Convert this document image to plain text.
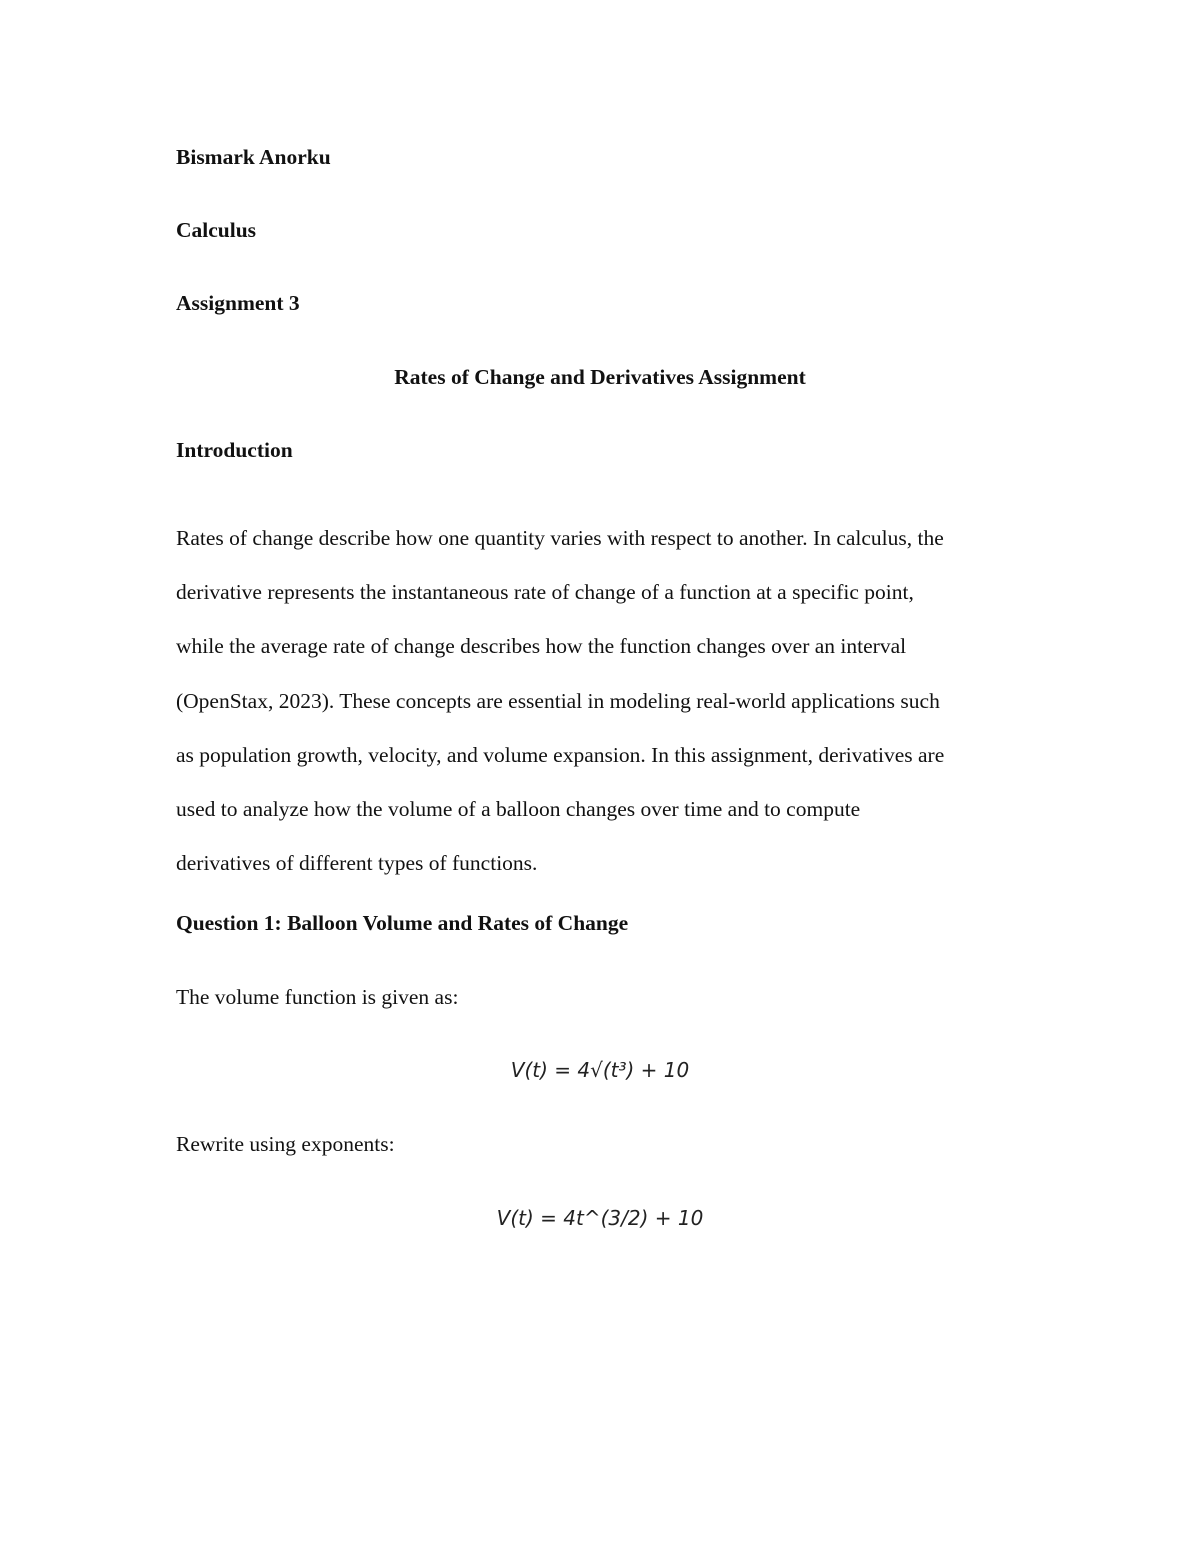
Bismark Anorku
Calculus
Assignment 3
Rates of Change and Derivatives Assignment
Introduction
Rates of change describe how one quantity varies with respect to another. In calculus, the
derivative represents the instantaneous rate of change of a function at a specific point,
while the average rate of change describes how the function changes over an interval
(OpenStax, 2023). These concepts are essential in modeling real-world applications such
as population growth, velocity, and volume expansion. In this assignment, derivatives are
used to analyze how the volume of a balloon changes over time and to compute
derivatives of different types of functions.
Question 1: Balloon Volume and Rates of Change
The volume function is given as:
V(t) = 4√(t³) + 10
Rewrite using exponents:
V(t) = 4t^(3/2) + 10
